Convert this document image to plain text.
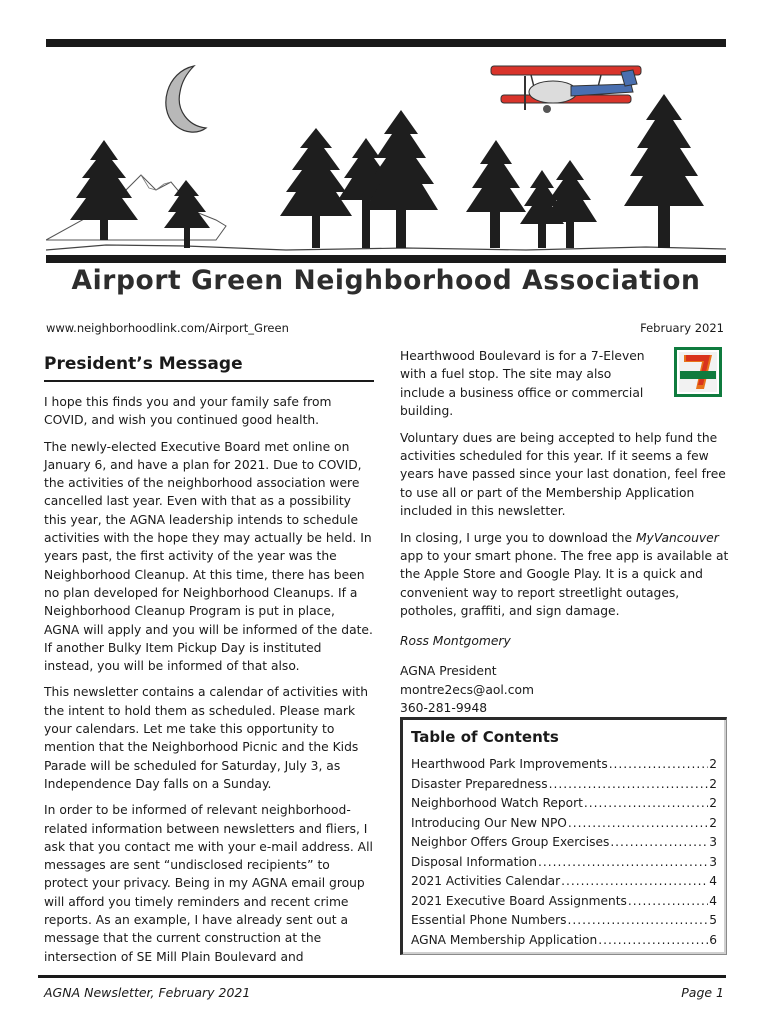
Airport Green Neighborhood Association
www.neighborhoodlink.com/Airport_Green	February 2021
President’s Message

I hope this finds you and your family safe from COVID, and wish you continued good health.

The newly-elected Executive Board met online on January 6, and have a plan for 2021. Due to COVID, the activities of the neighborhood association were cancelled last year. Even with that as a possibility this year, the AGNA leadership intends to schedule activities with the hope they may actually be held. In years past, the first activity of the year was the Neighborhood Cleanup. At this time, there has been no plan developed for Neighborhood Cleanups. If a Neighborhood Cleanup Program is put in place, AGNA will apply and you will be informed of the date. If another Bulky Item Pickup Day is instituted instead, you will be informed of that also.

This newsletter contains a calendar of activities with the intent to hold them as scheduled. Please mark your calendars. Let me take this opportunity to mention that the Neighborhood Picnic and the Kids Parade will be scheduled for Saturday, July 3, as Independence Day falls on a Sunday.

In order to be informed of relevant neighborhood-related information between newsletters and fliers, I ask that you contact me with your e-mail address. All messages are sent “undisclosed recipients” to protect your privacy. Being in my AGNA email group will afford you timely reminders and recent crime reports. As an example, I have already sent out a message that the current construction at the intersection of SE Mill Plain Boulevard and

Hearthwood Boulevard is for a 7-Eleven with a fuel stop. The site may also include a business office or commercial building.

Voluntary dues are being accepted to help fund the activities scheduled for this year. If it seems a few years have passed since your last donation, feel free to use all or part of the Membership Application included in this newsletter.

In closing, I urge you to download the MyVancouver app to your smart phone. The free app is available at the Apple Store and Google Play. It is a quick and convenient way to report streetlight outages, potholes, graffiti, and sign damage.

Ross Montgomery

AGNA President
montre2ecs@aol.com
360-281-9948
Table of Contents
Hearthwood Park Improvements .....	2
Disaster Preparedness .....	2
Neighborhood Watch Report .....	2
Introducing Our New NPO .....	2
Neighbor Offers Group Exercises .....	3
Disposal Information .....	3
2021 Activities Calendar .....	4
2021 Executive Board Assignments .....	4
Essential Phone Numbers .....	5
AGNA Membership Application .....	6
AGNA Newsletter, February 2021	Page 1
